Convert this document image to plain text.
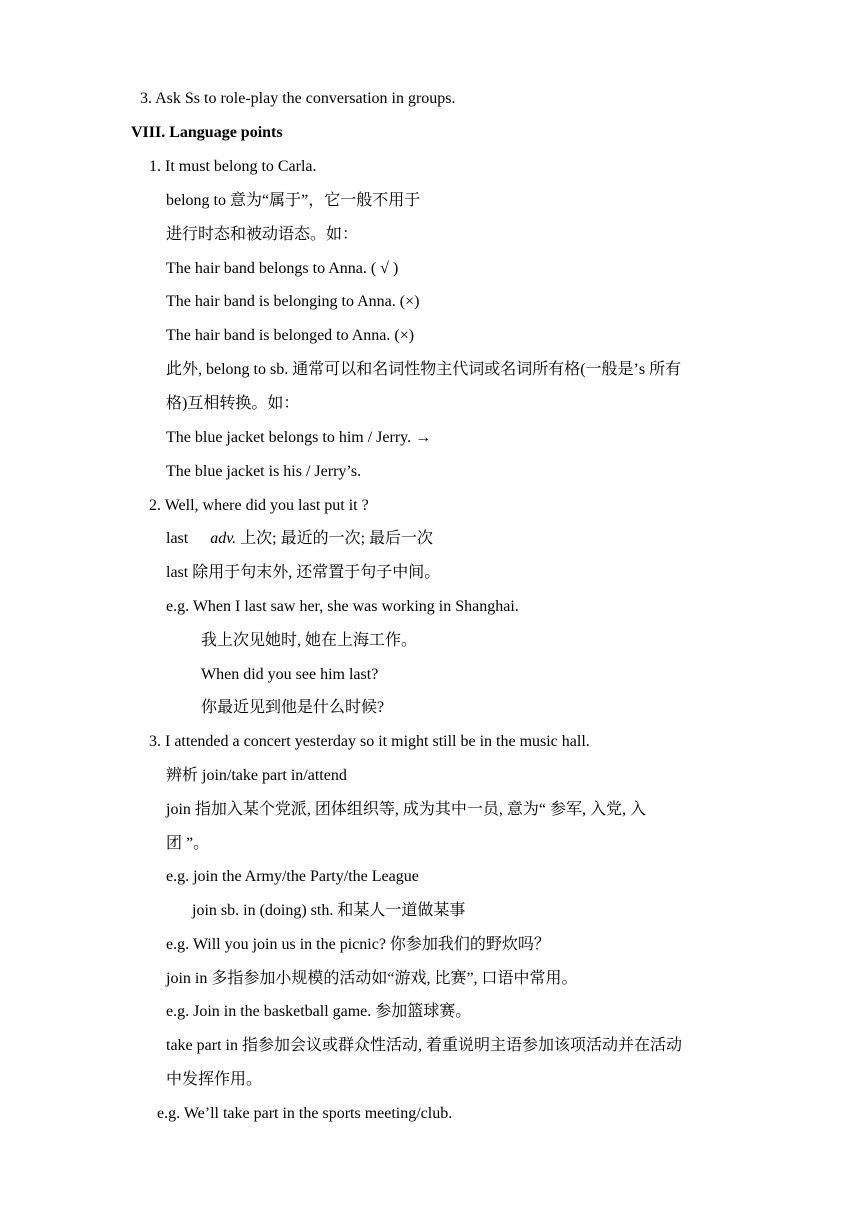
3. Ask Ss to role-play the conversation in groups.
VIII. Language points
1. It must belong to Carla.
belong to 意为“属于”，它一般不用于
进行时态和被动语态。如：
The hair band belongs to Anna. ( √ )
The hair band is belonging to Anna. (×)
The hair band is belonged to Anna. (×)
此外, belong to sb. 通常可以和名词性物主代词或名词所有格(一般是’s 所有
格)互相转换。如：
The blue jacket belongs to him / Jerry. →
The blue jacket is his / Jerry’s.
2. Well, where did you last put it ?
last adv. 上次; 最近的一次; 最后一次
last 除用于句末外, 还常置于句子中间。
e.g. When I last saw her, she was working in Shanghai.
我上次见她时, 她在上海工作。
When did you see him last?
你最近见到他是什么时候?
3. I attended a concert yesterday so it might still be in the music hall.
辨析 join/take part in/attend
join 指加入某个党派, 团体组织等, 成为其中一员, 意为“ 参军, 入党, 入
团 ”。
e.g. join the Army/the Party/the League
join sb. in (doing) sth. 和某人一道做某事
e.g. Will you join us in the picnic? 你参加我们的野炊吗？
join in 多指参加小规模的活动如“游戏, 比赛”, 口语中常用。
e.g. Join in the basketball game. 参加篮球赛。
take part in 指参加会议或群众性活动, 着重说明主语参加该项活动并在活动
中发挥作用。
e.g. We’ll take part in the sports meeting/club.
